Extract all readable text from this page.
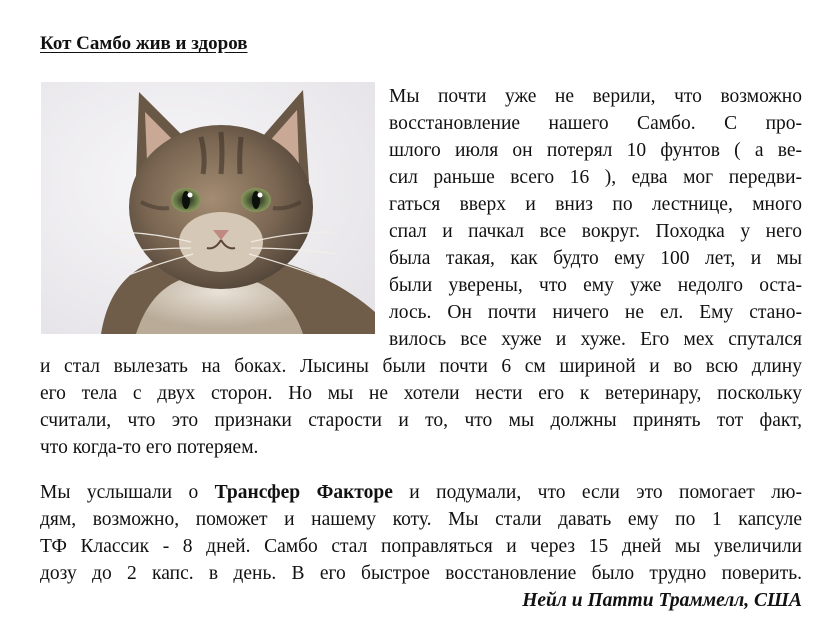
Кот Самбо жив и здоров
Мы почти уже не верили, что возможно
восстановление нашего Самбо. С про-
шлого июля он потерял 10 фунтов ( а ве-
сил раньше всего 16 ), едва мог передви-
гаться вверх и вниз по лестнице, много
спал и пачкал все вокруг. Походка у него
была такая, как будто ему 100 лет, и мы
были уверены, что ему уже недолго оста-
лось. Он почти ничего не ел. Ему стано-
вилось все хуже и хуже. Его мех спутался
и стал вылезать на боках. Лысины были почти 6 см шириной и во всю длину
его тела с двух сторон. Но мы не хотели нести его к ветеринару, поскольку
считали, что это признаки старости и то, что мы должны принять тот факт,
что когда-то его потеряем.
Мы услышали о Трансфер Факторе и подумали, что если это помогает лю-
дям, возможно, поможет и нашему коту. Мы стали давать ему по 1 капсуле
ТФ Классик - 8 дней. Самбо стал поправляться и через 15 дней мы увеличили
дозу до 2 капс. в день. В его быстрое восстановление было трудно поверить.
Нейл и Патти Траммелл, США
